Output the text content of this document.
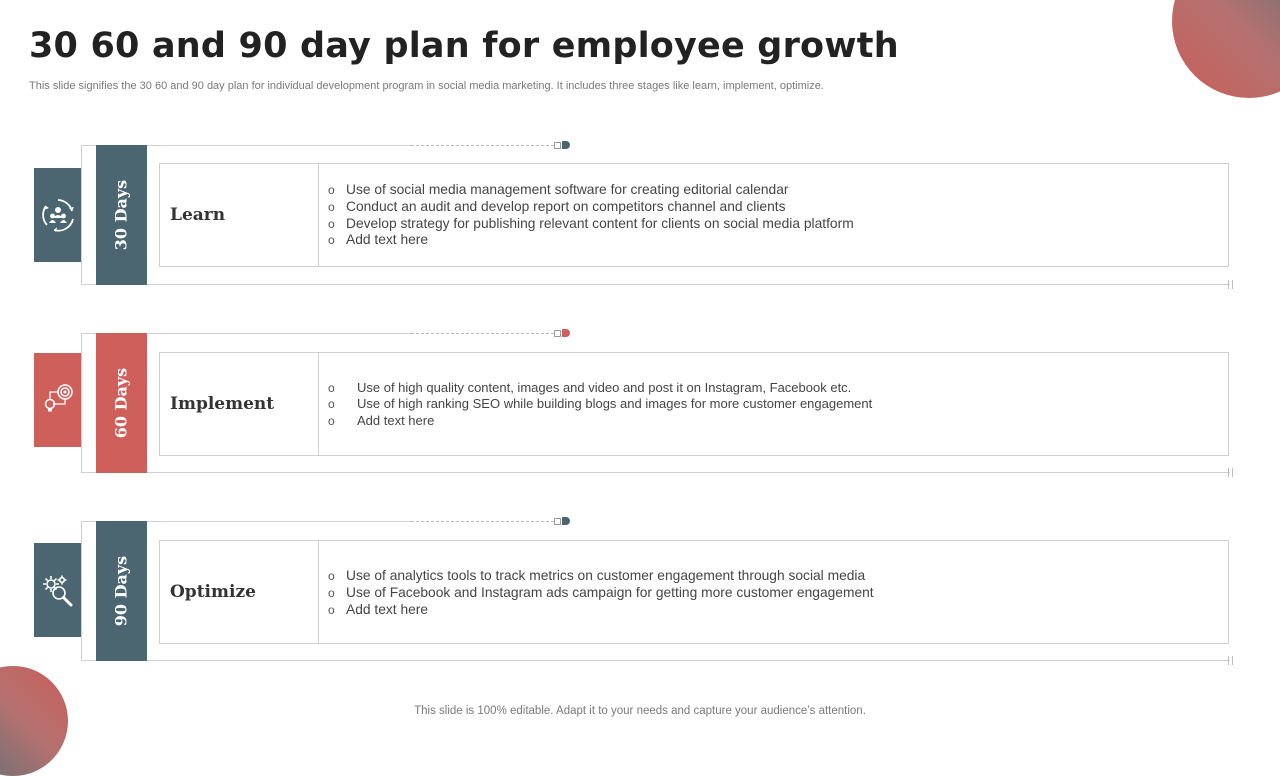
30 60 and 90 day plan for employee growth
This slide signifies the 30 60 and 90 day plan for individual development program in social media marketing. It includes three stages like learn, implement, optimize.
30 Days Learn
o Use of social media management software for creating editorial calendar
o Conduct an audit and develop report on competitors channel and clients
o Develop strategy for publishing relevant content for clients on social media platform
o Add text here
60 Days Implement
o Use of high quality content, images and video and post it on Instagram, Facebook etc.
o Use of high ranking SEO while building blogs and images for more customer engagement
o Add text here
90 Days Optimize
o Use of analytics tools to track metrics on customer engagement through social media
o Use of Facebook and Instagram ads campaign for getting more customer engagement
o Add text here
This slide is 100% editable. Adapt it to your needs and capture your audience’s attention.
